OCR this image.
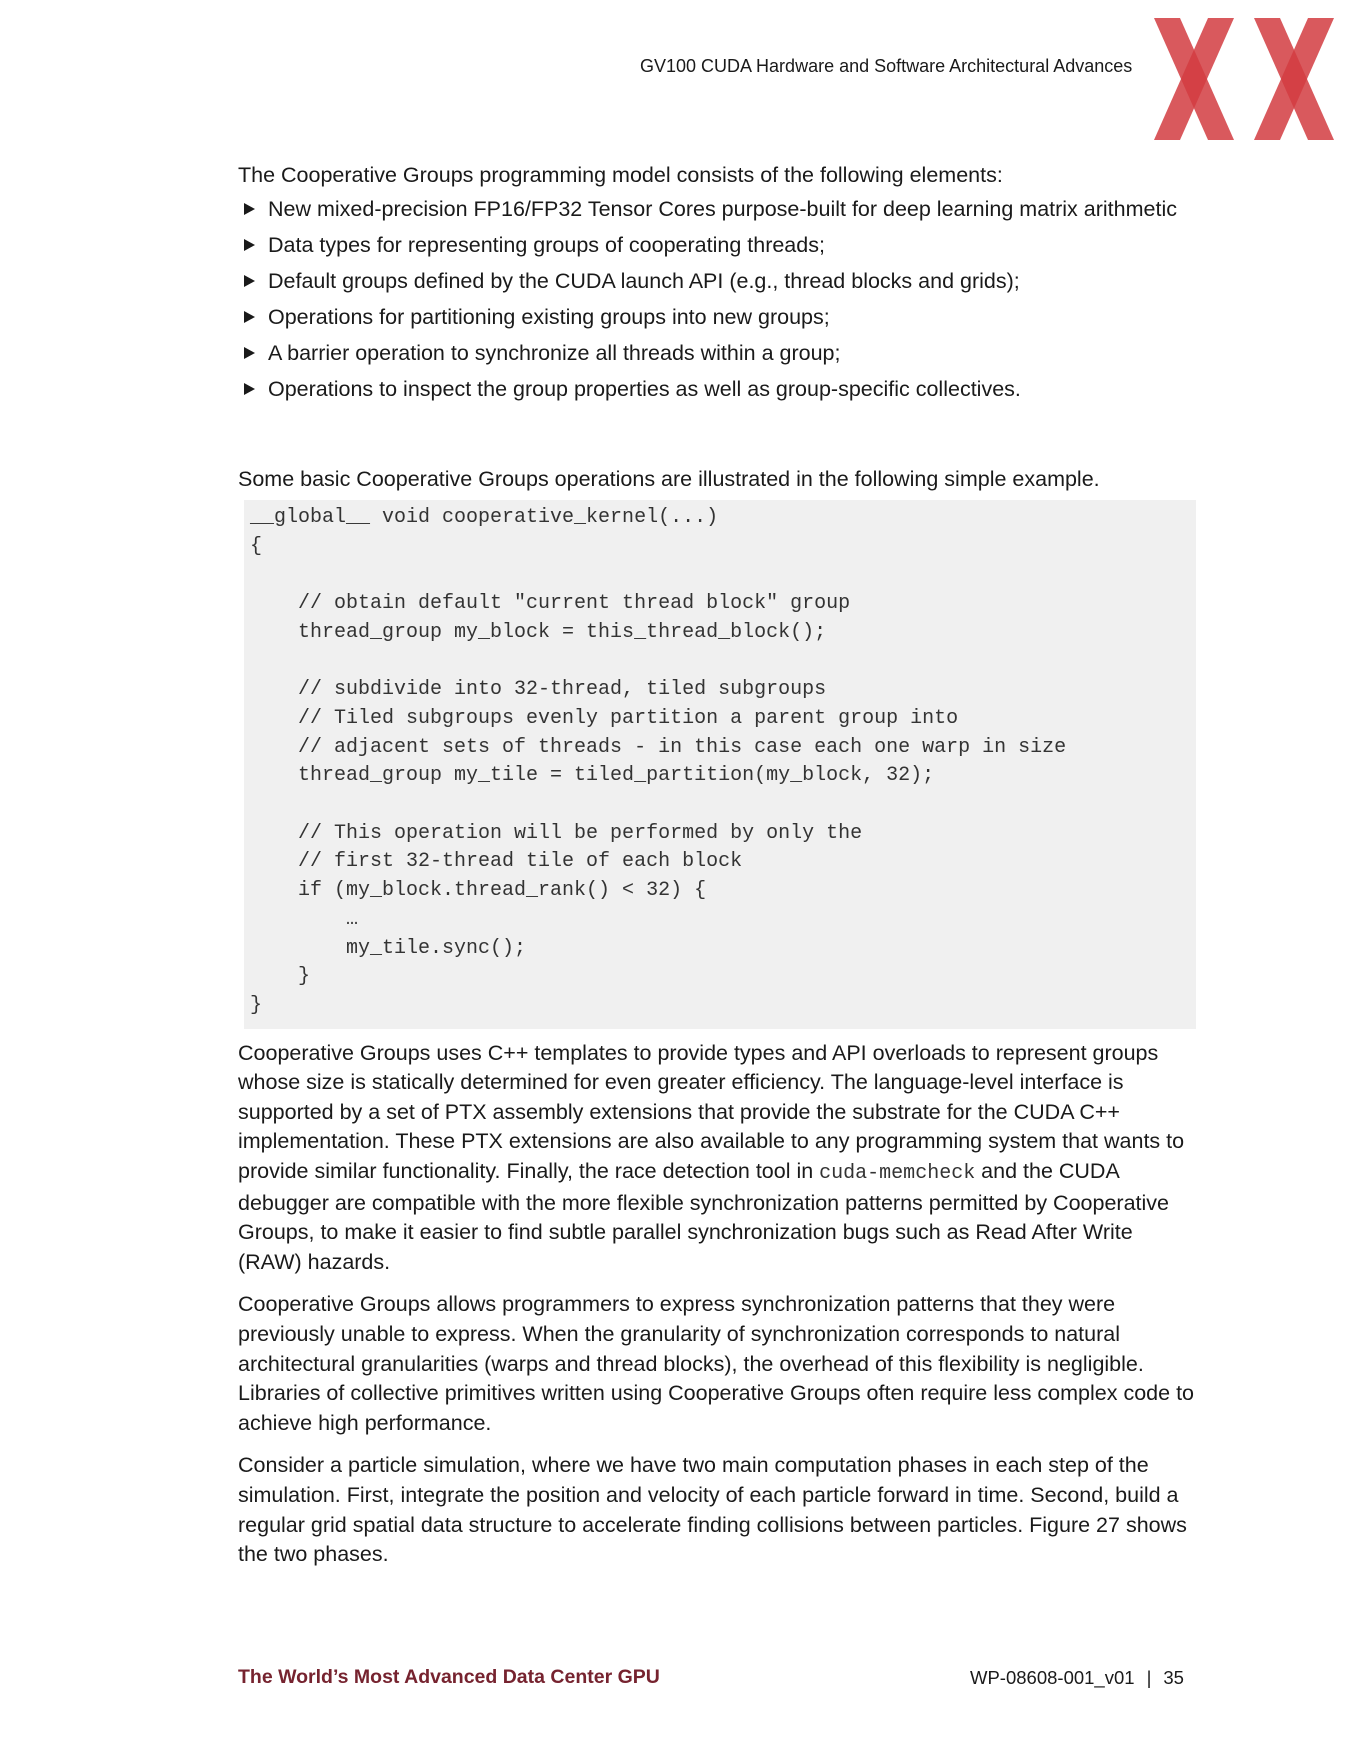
GV100 CUDA Hardware and Software Architectural Advances

The Cooperative Groups programming model consists of the following elements:

New mixed-precision FP16/FP32 Tensor Cores purpose-built for deep learning matrix arithmetic
Data types for representing groups of cooperating threads;
Default groups defined by the CUDA launch API (e.g., thread blocks and grids);
Operations for partitioning existing groups into new groups;
A barrier operation to synchronize all threads within a group;
Operations to inspect the group properties as well as group-specific collectives.

Some basic Cooperative Groups operations are illustrated in the following simple example.

__global__ void cooperative_kernel(...)
{
// obtain default "current thread block" group
thread_group my_block = this_thread_block();
// subdivide into 32-thread, tiled subgroups
// Tiled subgroups evenly partition a parent group into
// adjacent sets of threads - in this case each one warp in size
thread_group my_tile = tiled_partition(my_block, 32);
// This operation will be performed by only the
// first 32-thread tile of each block
if (my_block.thread_rank() < 32) {
…
my_tile.sync();
}
}

Cooperative Groups uses C++ templates to provide types and API overloads to represent groups whose size is statically determined for even greater efficiency. The language-level interface is supported by a set of PTX assembly extensions that provide the substrate for the CUDA C++ implementation. These PTX extensions are also available to any programming system that wants to provide similar functionality. Finally, the race detection tool in cuda-memcheck and the CUDA debugger are compatible with the more flexible synchronization patterns permitted by Cooperative Groups, to make it easier to find subtle parallel synchronization bugs such as Read After Write (RAW) hazards.

Cooperative Groups allows programmers to express synchronization patterns that they were previously unable to express. When the granularity of synchronization corresponds to natural architectural granularities (warps and thread blocks), the overhead of this flexibility is negligible. Libraries of collective primitives written using Cooperative Groups often require less complex code to achieve high performance.

Consider a particle simulation, where we have two main computation phases in each step of the simulation. First, integrate the position and velocity of each particle forward in time. Second, build a regular grid spatial data structure to accelerate finding collisions between particles. Figure 27 shows the two phases.

The World’s Most Advanced Data Center GPU	WP-08608-001_v01 | 35
